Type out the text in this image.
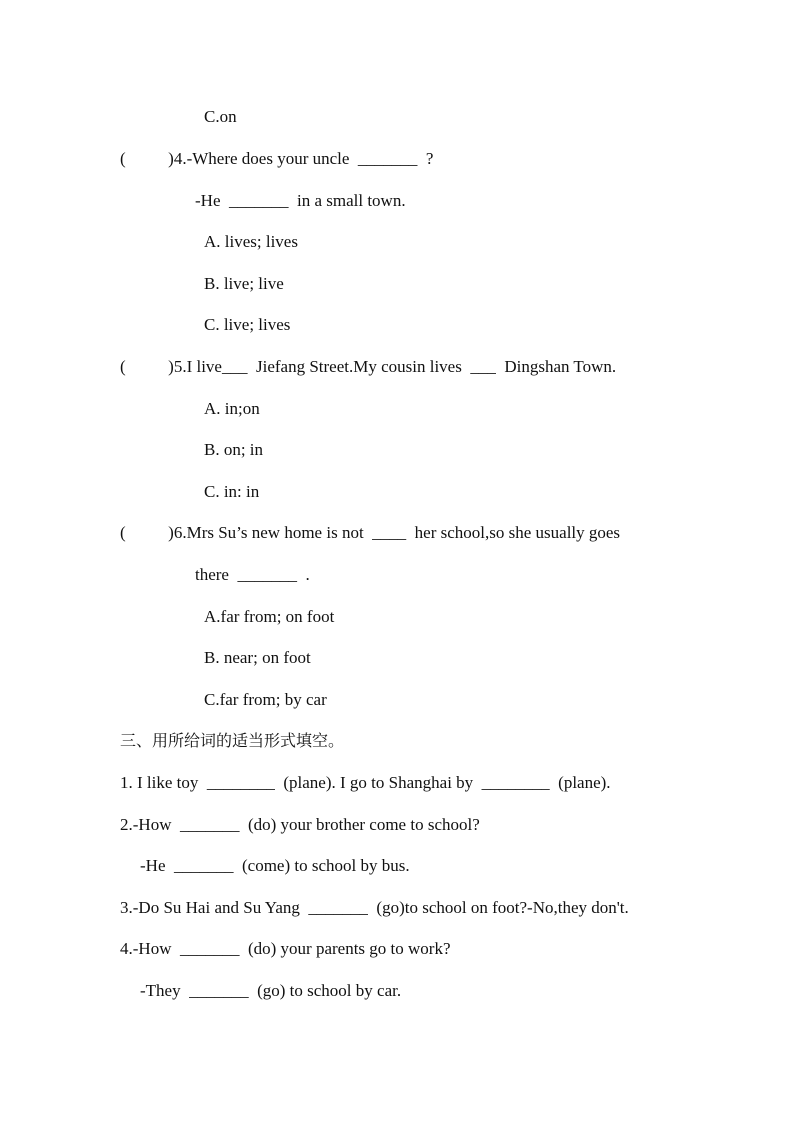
C.on
(          )4.-Where does your uncle  _______  ?
-He  _______  in a small town.
A. lives; lives
B. live; live
C. live; lives
(          )5.I live___  Jiefang Street.My cousin lives  ___  Dingshan Town.
A. in;on
B. on; in
C. in: in
(          )6.Mrs Su’s new home is not  ____  her school,so she usually goes
there  _______  .
A.far from; on foot
B. near; on foot
C.far from; by car
三、用所给词的适当形式填空。
1. I like toy  ________  (plane). I go to Shanghai by  ________  (plane).
2.-How  _______  (do) your brother come to school?
-He  _______  (come) to school by bus.
3.-Do Su Hai and Su Yang  _______  (go)to school on foot?-No,they don't.
4.-How  _______  (do) your parents go to work?
-They  _______  (go) to school by car.
